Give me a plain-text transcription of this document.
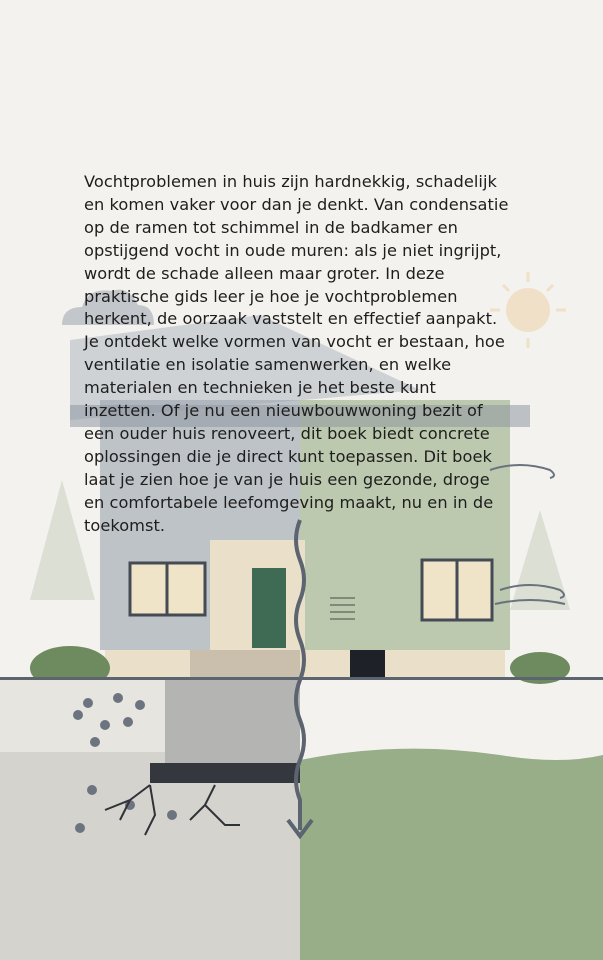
Vochtproblemen in huis zijn hardnekkig, schadelijk
en komen vaker voor dan je denkt. Van condensatie
op de ramen tot schimmel in de badkamer en
opstijgend vocht in oude muren: als je niet ingrijpt,
wordt de schade alleen maar groter. In deze
praktische gids leer je hoe je vochtproblemen
herkent, de oorzaak vaststelt en effectief aanpakt.
Je ontdekt welke vormen van vocht er bestaan, hoe
ventilatie en isolatie samenwerken, en welke
materialen en technieken je het beste kunt
inzetten. Of je nu een nieuwbouwwoning bezit of
een ouder huis renoveert, dit boek biedt concrete
oplossingen die je direct kunt toepassen. Dit boek
laat je zien hoe je van je huis een gezonde, droge
en comfortabele leefomgeving maakt, nu en in de
toekomst.
